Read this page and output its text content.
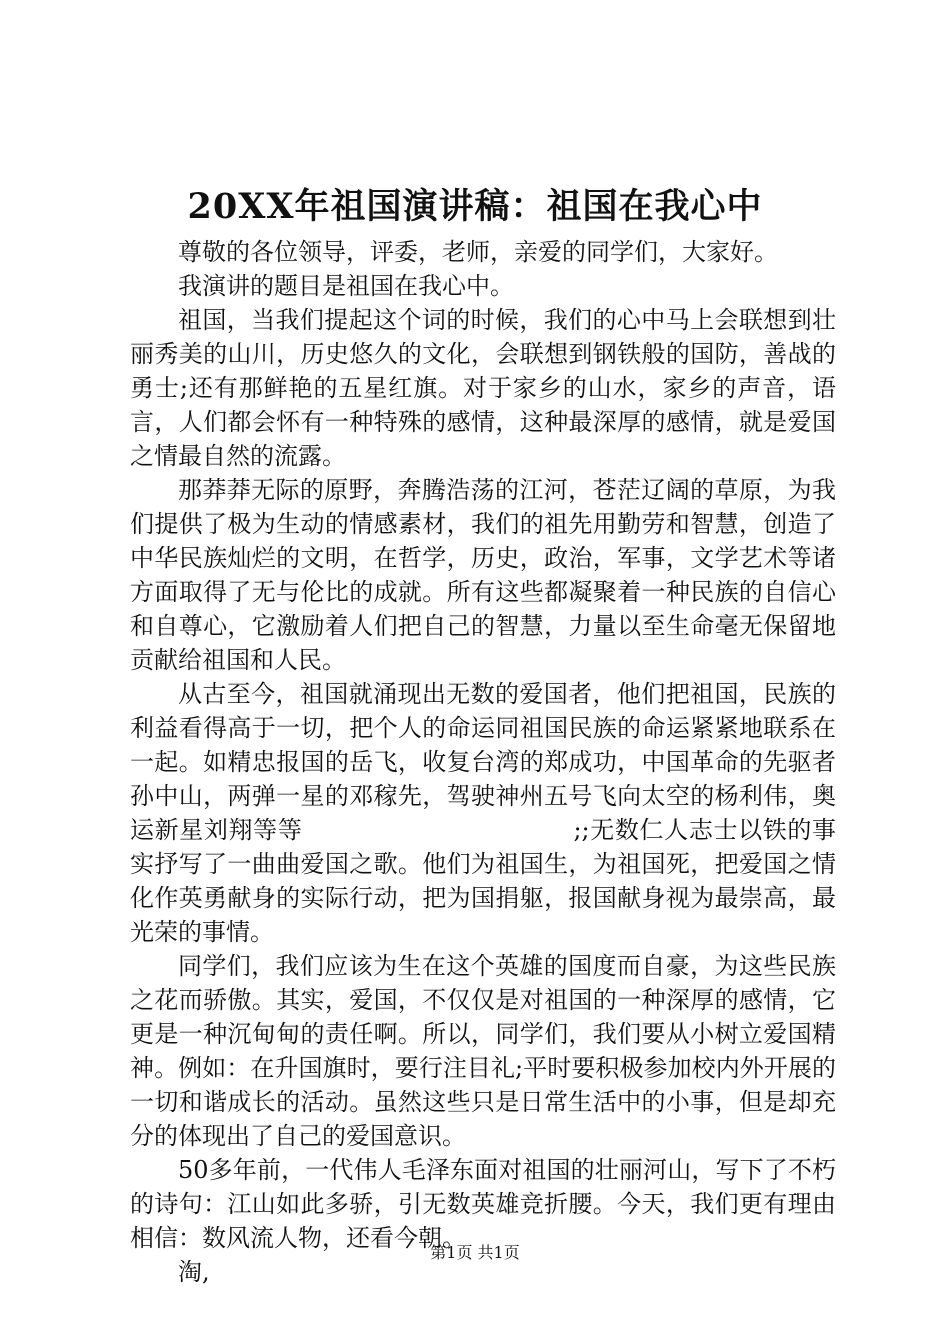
20XX年祖国演讲稿：祖国在我心中

尊敬的各位领导，评委，老师，亲爱的同学们，大家好。

我演讲的题目是祖国在我心中。

祖国，当我们提起这个词的时候，我们的心中马上会联想到壮丽秀美的山川，历史悠久的文化，会联想到钢铁般的国防，善战的勇士;还有那鲜艳的五星红旗。对于家乡的山水，家乡的声音，语言，人们都会怀有一种特殊的感情，这种最深厚的感情，就是爱国之情最自然的流露。

那莽莽无际的原野，奔腾浩荡的江河，苍茫辽阔的草原，为我们提供了极为生动的情感素材，我们的祖先用勤劳和智慧，创造了中华民族灿烂的文明，在哲学，历史，政治，军事，文学艺术等诸方面取得了无与伦比的成就。所有这些都凝聚着一种民族的自信心和自尊心，它激励着人们把自己的智慧，力量以至生命毫无保留地贡献给祖国和人民。

从古至今，祖国就涌现出无数的爱国者，他们把祖国，民族的利益看得高于一切，把个人的命运同祖国民族的命运紧紧地联系在一起。如精忠报国的岳飞，收复台湾的郑成功，中国革命的先驱者孙中山，两弹一星的邓稼先，驾驶神州五号飞向太空的杨利伟，奥运新星刘翔等等　　　　　　　　　　　;;无数仁人志士以铁的事实抒写了一曲曲爱国之歌。他们为祖国生，为祖国死，把爱国之情化作英勇献身的实际行动，把为国捐躯，报国献身视为最崇高，最光荣的事情。

同学们，我们应该为生在这个英雄的国度而自豪，为这些民族之花而骄傲。其实，爱国，不仅仅是对祖国的一种深厚的感情，它更是一种沉甸甸的责任啊。所以，同学们，我们要从小树立爱国精神。例如：在升国旗时，要行注目礼;平时要积极参加校内外开展的一切和谐成长的活动。虽然这些只是日常生活中的小事，但是却充分的体现出了自己的爱国意识。

50多年前，一代伟人毛泽东面对祖国的壮丽河山，写下了不朽的诗句：江山如此多骄，引无数英雄竞折腰。今天，我们更有理由相信：数风流人物，还看今朝。

淘,

第1页 共1页
